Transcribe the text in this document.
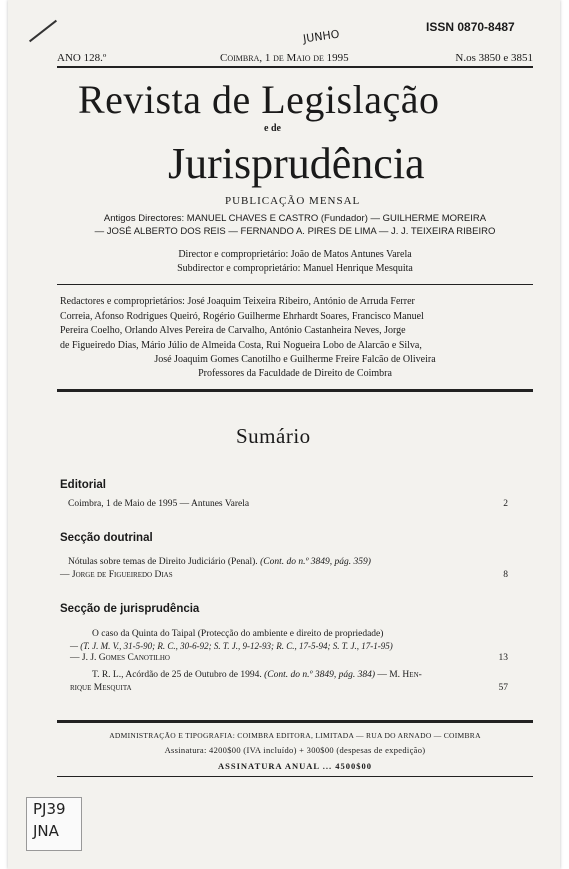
ISSN 0870-8487
JUNHO
ANO 128.º	Coimbra, 1 de Maio de 1995	N.os 3850 e 3851
Revista de Legislação
e de
Jurisprudência
PUBLICAÇÃO MENSAL
Antigos Directores: MANUEL CHAVES E CASTRO (Fundador) — GUILHERME MOREIRA
— JOSÉ ALBERTO DOS REIS — FERNANDO A. PIRES DE LIMA — J. J. TEIXEIRA RIBEIRO
Director e comproprietário: João de Matos Antunes Varela
Subdirector e comproprietário: Manuel Henrique Mesquita
Redactores e comproprietários: José Joaquim Teixeira Ribeiro, António de Arruda Ferrer
Correia, Afonso Rodrigues Queiró, Rogério Guilherme Ehrhardt Soares, Francisco Manuel
Pereira Coelho, Orlando Alves Pereira de Carvalho, António Castanheira Neves, Jorge
de Figueiredo Dias, Mário Júlio de Almeida Costa, Rui Nogueira Lobo de Alarcão e Silva,
José Joaquim Gomes Canotilho e Guilherme Freire Falcão de Oliveira
Professores da Faculdade de Direito de Coimbra
Sumário
Editorial
Coimbra, 1 de Maio de 1995 — Antunes Varela	2
Secção doutrinal
Nótulas sobre temas de Direito Judiciário (Penal). (Cont. do n.º 3849, pág. 359)
— Jorge de Figueiredo Dias	8
Secção de jurisprudência
O caso da Quinta do Taipal (Protecção do ambiente e direito de propriedade)
— (T. J. M. V., 31-5-90; R. C., 30-6-92; S. T. J., 9-12-93; R. C., 17-5-94; S. T. J., 17-1-95)
— J. J. Gomes Canotilho	13
T. R. L., Acórdão de 25 de Outubro de 1994. (Cont. do n.º 3849, pág. 384) — M. Hen-
rique Mesquita	57
ADMINISTRAÇÃO E TIPOGRAFIA: COIMBRA EDITORA, LIMITADA — RUA DO ARNADO — COIMBRA
Assinatura: 4200$00 (IVA incluído) + 300$00 (despesas de expedição)
ASSINATURA ANUAL ... 4500$00
PJ39
JNA
